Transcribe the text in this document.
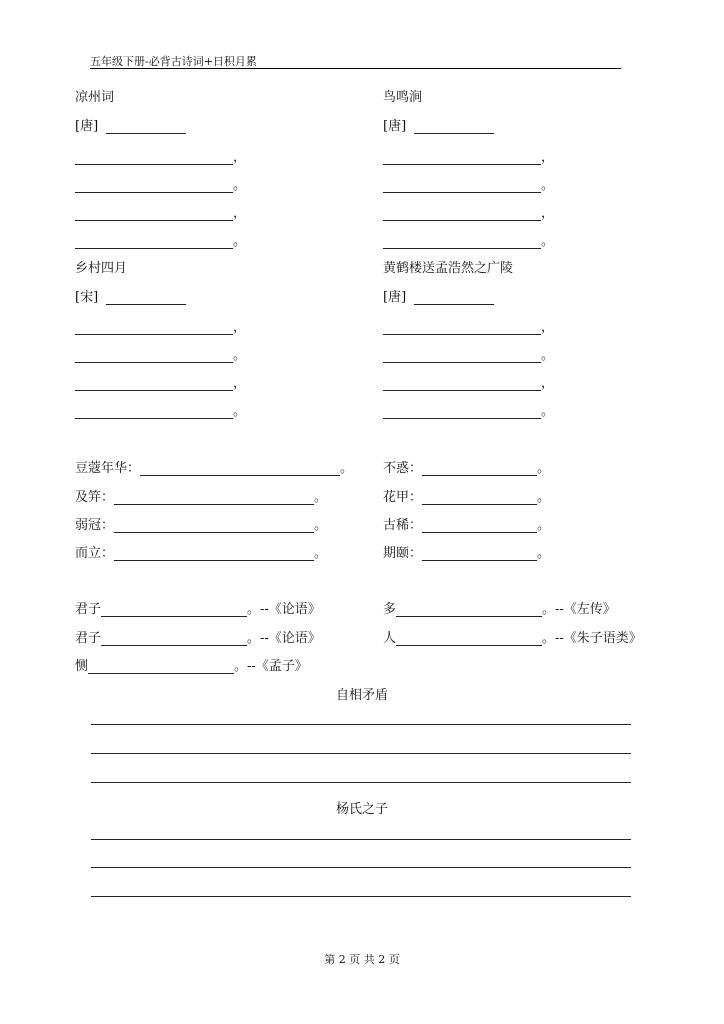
五年级下册-必背古诗词+日积月累
凉州词
[唐]
，
。
，
。
鸟鸣涧
[唐]
，
。
，
。
乡村四月
[宋]
，
。
，
。
黄鹤楼送孟浩然之广陵
[唐]
，
。
，
。
豆蔻年华：	。
及笄：	。
弱冠：	。
而立：	。
不惑：	。
花甲：	。
古稀：	。
期颐：	。
君子	。--《论语》	多	。--《左传》
君子	。--《论语》	人	。--《朱子语类》
恻	。--《孟子》
自相矛盾
杨氏之子
第 2 页 共 2 页
